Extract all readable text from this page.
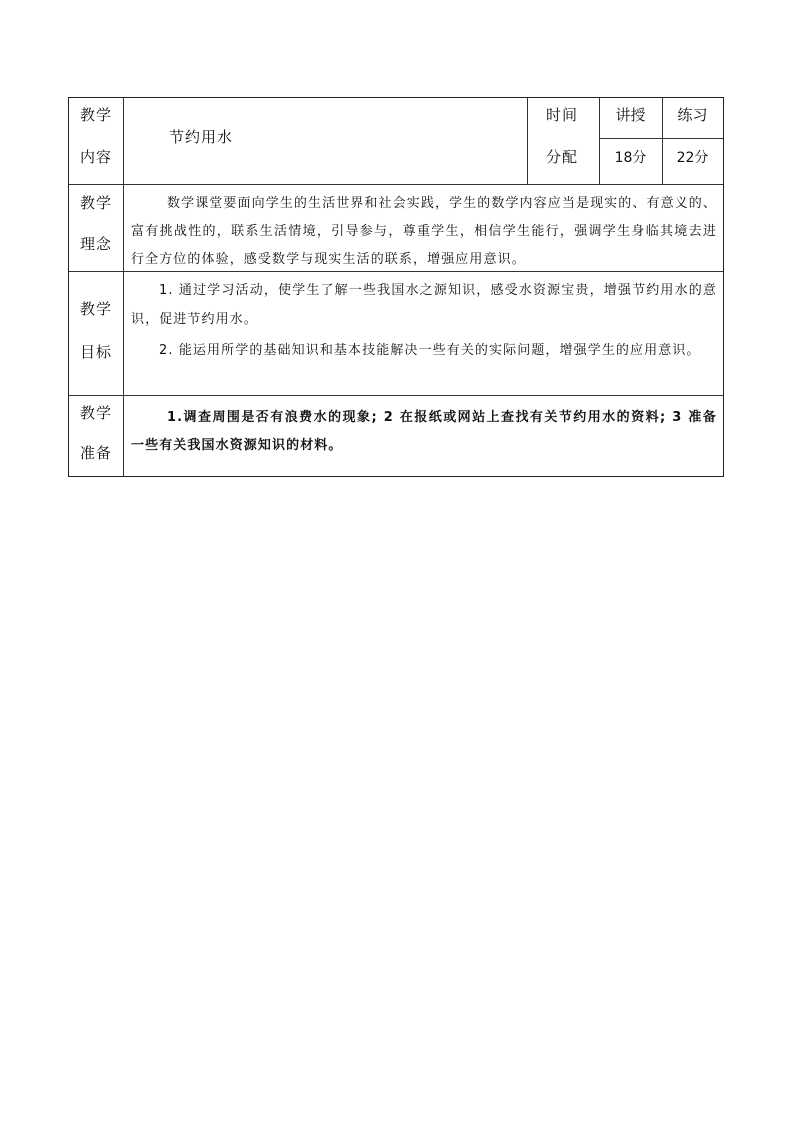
教学
内容
节约用水
时间
分配
讲授
18分
练习
22分
教学
理念
数学课堂要面向学生的生活世界和社会实践，学生的数学内容应当是现实的、有意义的、富有挑战性的，联系生活情境，引导参与，尊重学生，相信学生能行，强调学生身临其境去进行全方位的体验，感受数学与现实生活的联系，增强应用意识。
教学
目标
1. 通过学习活动，使学生了解一些我国水之源知识，感受水资源宝贵，增强节约用水的意识，促进节约用水。
2. 能运用所学的基础知识和基本技能解决一些有关的实际问题，增强学生的应用意识。
教学
准备
1.调查周围是否有浪费水的现象; 2 在报纸或网站上查找有关节约用水的资料; 3 准备一些有关我国水资源知识的材料。
